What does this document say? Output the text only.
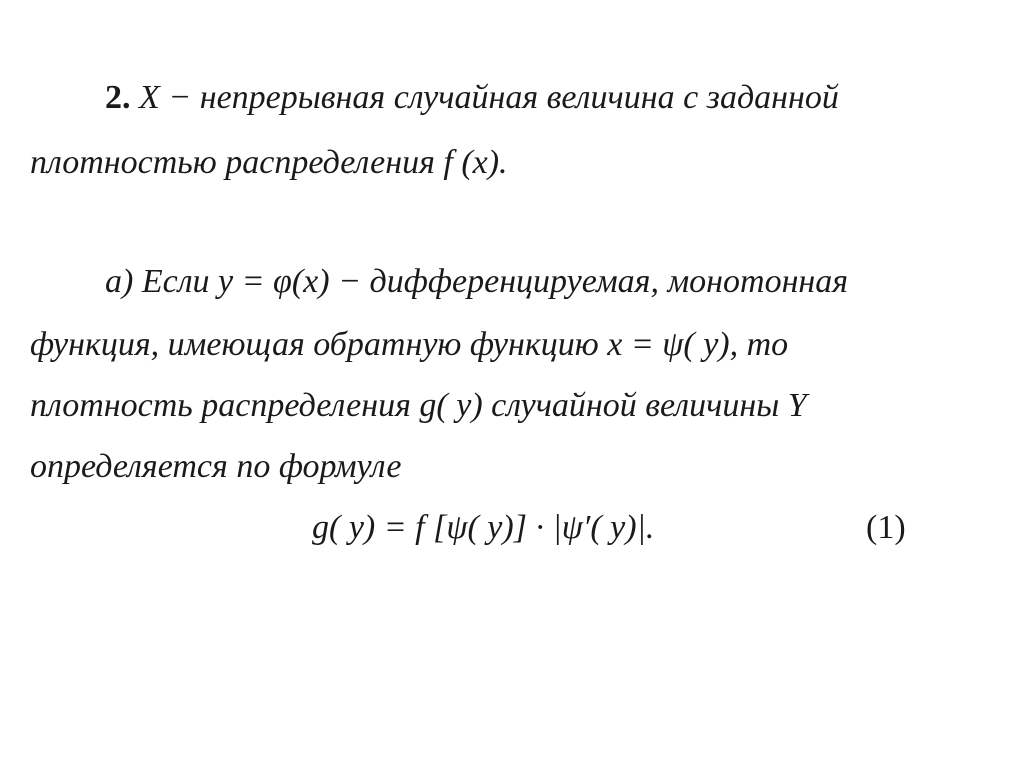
2. X − непрерывная случайная величина с заданной
плотностью распределения f (x).
a) Если y = φ(x) − дифференцируемая, монотонная
функция, имеющая обратную функцию x = ψ( y), то
плотность распределения g( y) случайной величины Y
определяется по формуле
g( y) = f [ψ( y)] · |ψ′( y)|.	(1)
